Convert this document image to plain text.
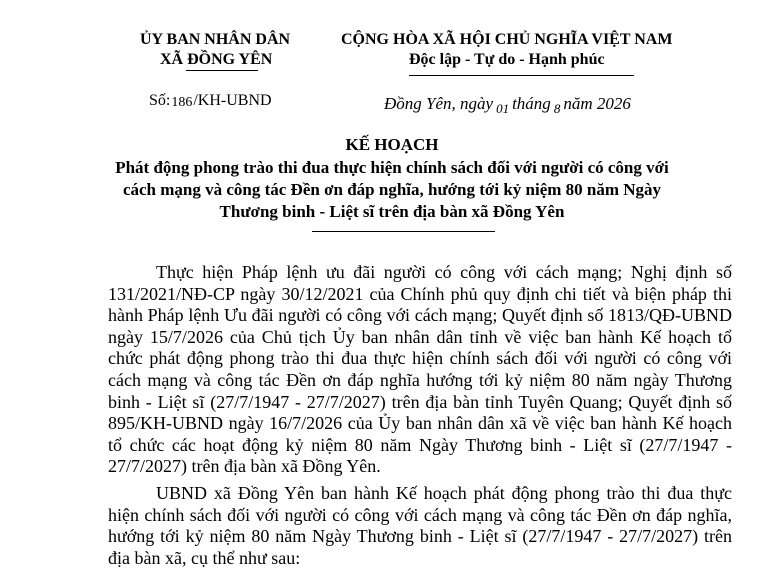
ỦY BAN NHÂN DÂN
XÃ ĐỒNG YÊN
CỘNG HÒA XÃ HỘI CHỦ NGHĨA VIỆT NAM
Độc lập - Tự do - Hạnh phúc
Số:186/KH-UBND	Đồng Yên, ngày $_{01}$ tháng $_8$ năm 2026
KẾ HOẠCH
Phát động phong trào thi đua thực hiện chính sách đối với người có công với cách mạng và công tác Đền ơn đáp nghĩa, hướng tới kỷ niệm 80 năm Ngày Thương binh - Liệt sĩ trên địa bàn xã Đồng Yên
Thực hiện Pháp lệnh ưu đãi người có công với cách mạng; Nghị định số 131/2021/NĐ-CP ngày 30/12/2021 của Chính phủ quy định chi tiết và biện pháp thi hành Pháp lệnh Ưu đãi người có công với cách mạng; Quyết định số 1813/QĐ-UBND ngày 15/7/2026 của Chủ tịch Ủy ban nhân dân tỉnh về việc ban hành Kế hoạch tổ chức phát động phong trào thi đua thực hiện chính sách đối với người có công với cách mạng và công tác Đền ơn đáp nghĩa hướng tới kỷ niệm 80 năm ngày Thương binh - Liệt sĩ (27/7/1947 - 27/7/2027) trên địa bàn tỉnh Tuyên Quang; Quyết định số 895/KH-UBND ngày 16/7/2026 của Ủy ban nhân dân xã về việc ban hành Kế hoạch tổ chức các hoạt động kỷ niệm 80 năm Ngày Thương binh - Liệt sĩ (27/7/1947 - 27/7/2027) trên địa bàn xã Đồng Yên.
UBND xã Đồng Yên ban hành Kế hoạch phát động phong trào thi đua thực hiện chính sách đối với người có công với cách mạng và công tác Đền ơn đáp nghĩa, hướng tới kỷ niệm 80 năm Ngày Thương binh - Liệt sĩ (27/7/1947 - 27/7/2027) trên địa bàn xã, cụ thể như sau:
